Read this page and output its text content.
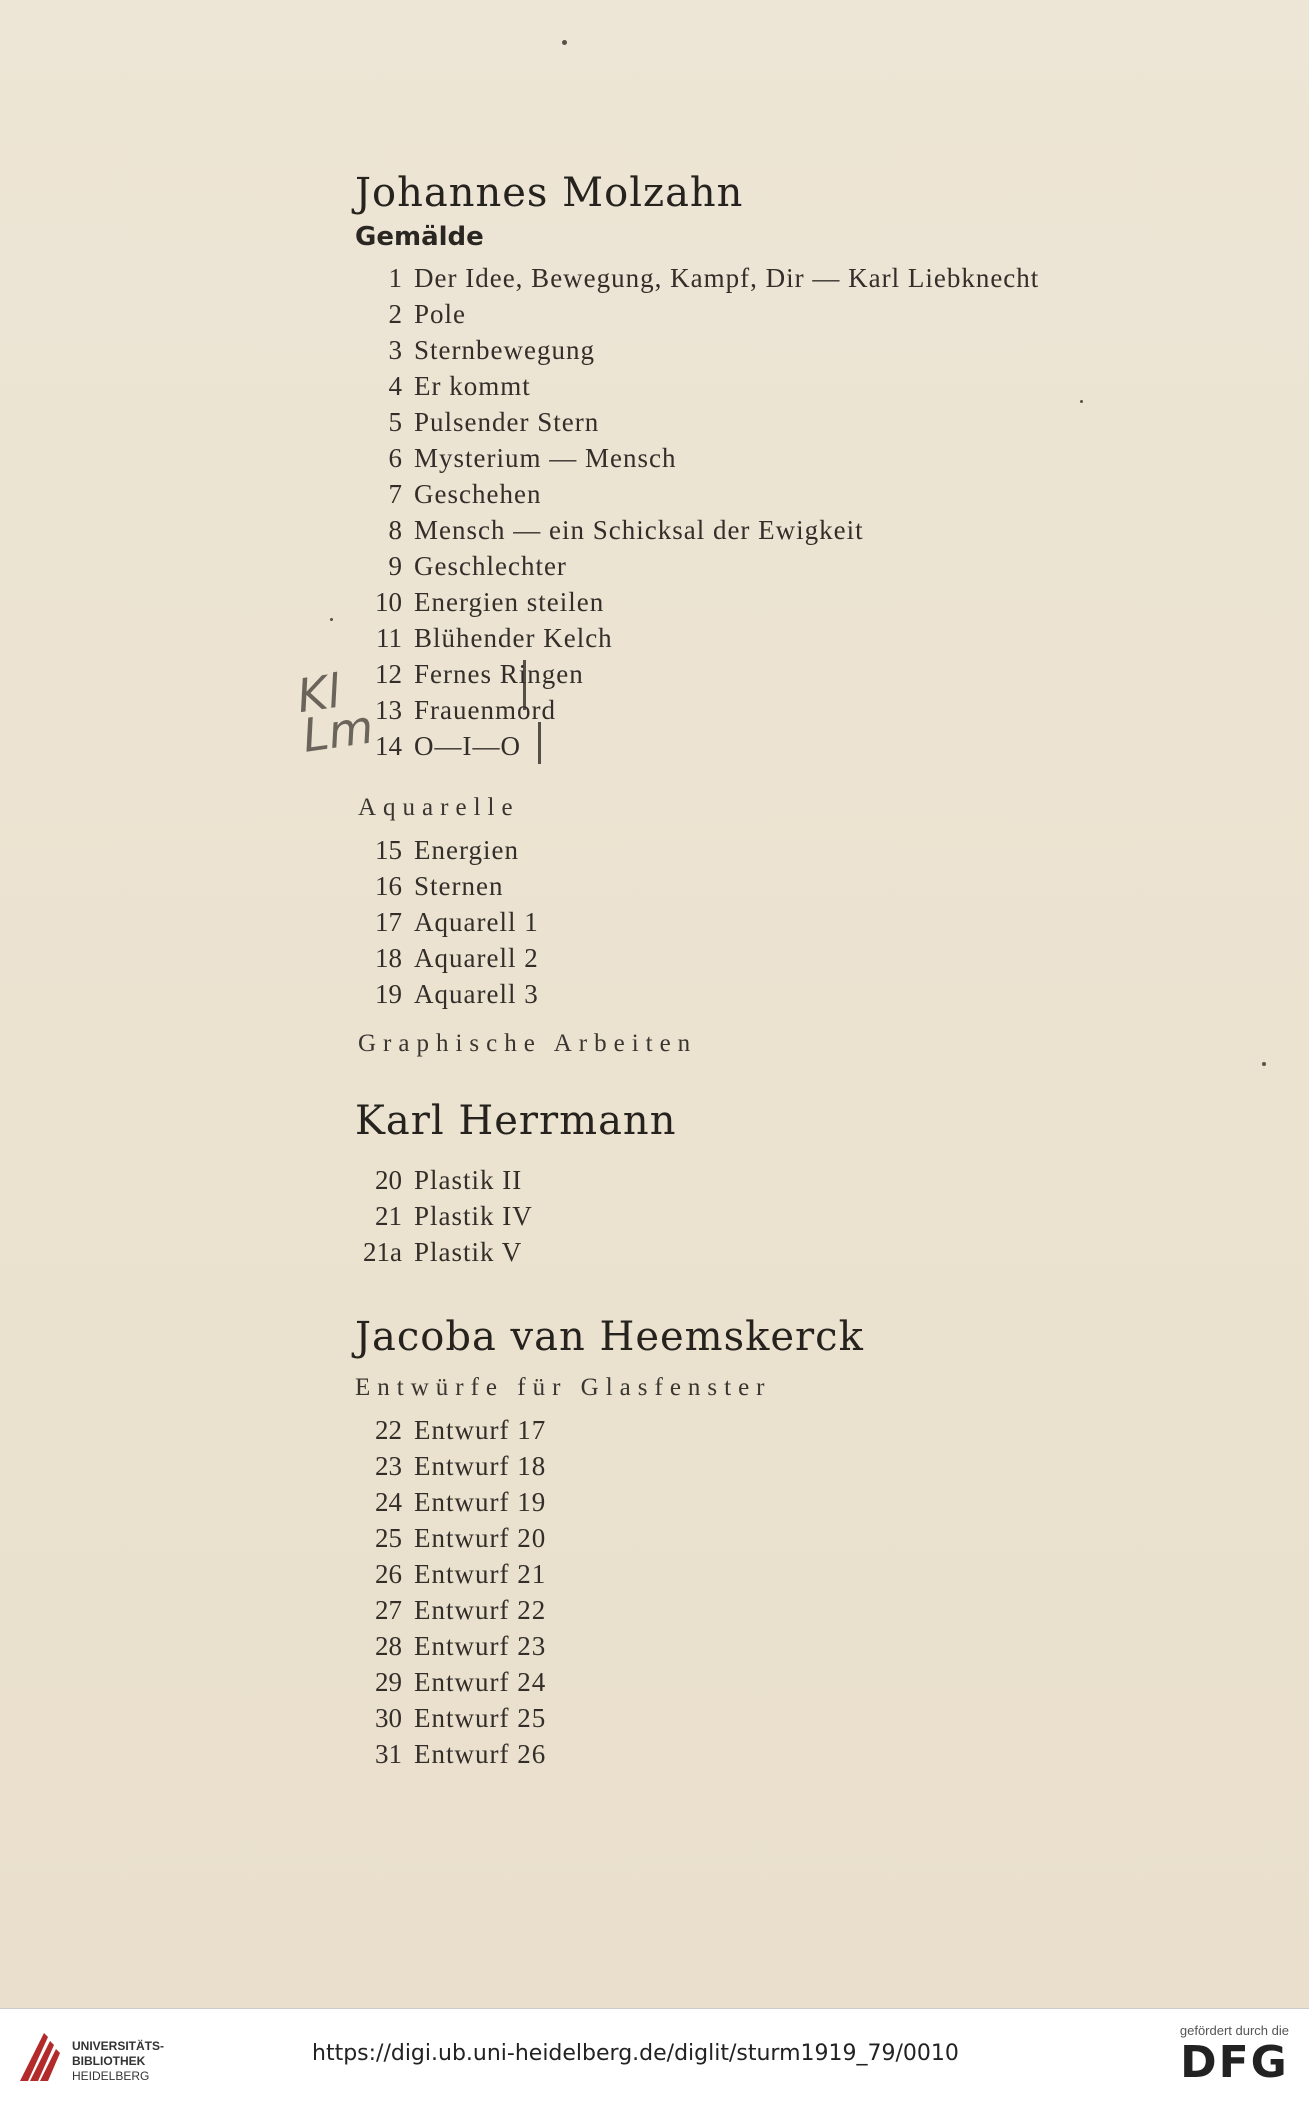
Kl Lm
Johannes Molzahn
Gemälde
1 Der Idee, Bewegung, Kampf, Dir — Karl Liebknecht
2 Pole
3 Sternbewegung
4 Er kommt
5 Pulsender Stern
6 Mysterium — Mensch
7 Geschehen
8 Mensch — ein Schicksal der Ewigkeit
9 Geschlechter
10 Energien steilen
11 Blühender Kelch
12 Fernes Ringen
13 Frauenmord
14 O—I—O
Aquarelle
15 Energien
16 Sternen
17 Aquarell 1
18 Aquarell 2
19 Aquarell 3
Graphische Arbeiten
Karl Herrmann
20 Plastik II
21 Plastik IV
21a Plastik V
Jacoba van Heemskerck
Entwürfe für Glasfenster
22 Entwurf 17
23 Entwurf 18
24 Entwurf 19
25 Entwurf 20
26 Entwurf 21
27 Entwurf 22
28 Entwurf 23
29 Entwurf 24
30 Entwurf 25
31 Entwurf 26
UNIVERSITÄTS-
BIBLIOTHEK
HEIDELBERG
https://digi.ub.uni-heidelberg.de/diglit/sturm1919_79/0010
gefördert durch die
DFG
